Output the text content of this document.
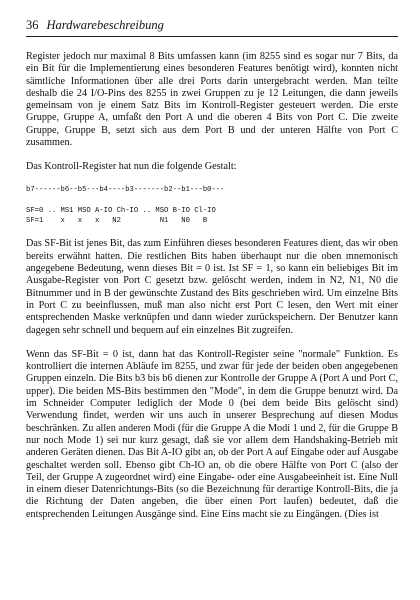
36 Hardwarebeschreibung

Register jedoch nur maximal 8 Bits umfassen kann (im 8255 sind es sogar nur 7 Bits, da ein Bit für die Implementierung eines besonderen Features benötigt wird), konnten nicht sämtliche Informationen über alle drei Ports darin untergebracht werden. Man teilte deshalb die 24 I/O-Pins des 8255 in zwei Gruppen zu je 12 Leitungen, die dann jeweils gemeinsam von je einem Satz Bits im Kontroll-Register gesteuert werden. Die erste Gruppe, Gruppe A, umfaßt den Port A und die oberen 4 Bits von Port C. Die zweite Gruppe, Gruppe B, setzt sich aus dem Port B und der unteren Hälfte von Port C zusammen.

Das Kontroll-Register hat nun die folgende Gestalt:

b7------b6--b5---b4----b3-------b2--b1---b0---
SF=0 .. MS1 MSO A-IO Ch-IO .. MSO B-IO Cl-IO
SF=1    x   x   x   N2         N1   N0   B

Das SF-Bit ist jenes Bit, das zum Einführen dieses besonderen Features dient, das wir oben bereits erwähnt hatten. Die restlichen Bits haben überhaupt nur die oben mnemonisch angegebene Bedeutung, wenn dieses Bit = 0 ist. Ist SF = 1, so kann ein beliebiges Bit im Ausgabe-Register von Port C gesetzt bzw. gelöscht werden, indem in N2, N1, N0 die Bitnummer und in B der gewünschte Zustand des Bits geschrieben wird. Um einzelne Bits in Port C zu beeinflussen, muß man also nicht erst Port C lesen, den Wert mit einer entsprechenden Maske verknüpfen und dann wieder zurückspeichern. Der Benutzer kann dagegen sehr schnell und bequem auf ein einzelnes Bit zugreifen.

Wenn das SF-Bit = 0 ist, dann hat das Kontroll-Register seine "normale" Funktion. Es kontrolliert die internen Abläufe im 8255, und zwar für jede der beiden oben angegebenen Gruppen einzeln. Die Bits b3 bis b6 dienen zur Kontrolle der Gruppe A (Port A und Port C, upper). Die beiden MS-Bits bestimmen den "Mode", in dem die Gruppe benutzt wird. Da im Schneider Computer lediglich der Mode 0 (bei dem beide Bits gelöscht sind) Verwendung findet, werden wir uns auch in unserer Besprechung auf diesen Modus beschränken. Zu allen anderen Modi (für die Gruppe A die Modi 1 und 2, für die Gruppe B nur noch Mode 1) sei nur kurz gesagt, daß sie vor allem dem Handshaking-Betrieb mit anderen Geräten dienen. Das Bit A-IO gibt an, ob der Port A auf Eingabe oder auf Ausgabe geschaltet werden soll. Ebenso gibt Ch-IO an, ob die obere Hälfte von Port C (also der Teil, der Gruppe A zugeordnet wird) eine Eingabe- oder eine Ausgabeeinheit ist. Eine Null in einem dieser Datenrichtungs-Bits (so die Bezeichnung für derartige Kontroll-Bits, die ja die Richtung der Daten angeben, die über einen Port laufen) bedeutet, daß die entsprechenden Leitungen Ausgänge sind. Eine Eins macht sie zu Eingängen. (Dies ist
